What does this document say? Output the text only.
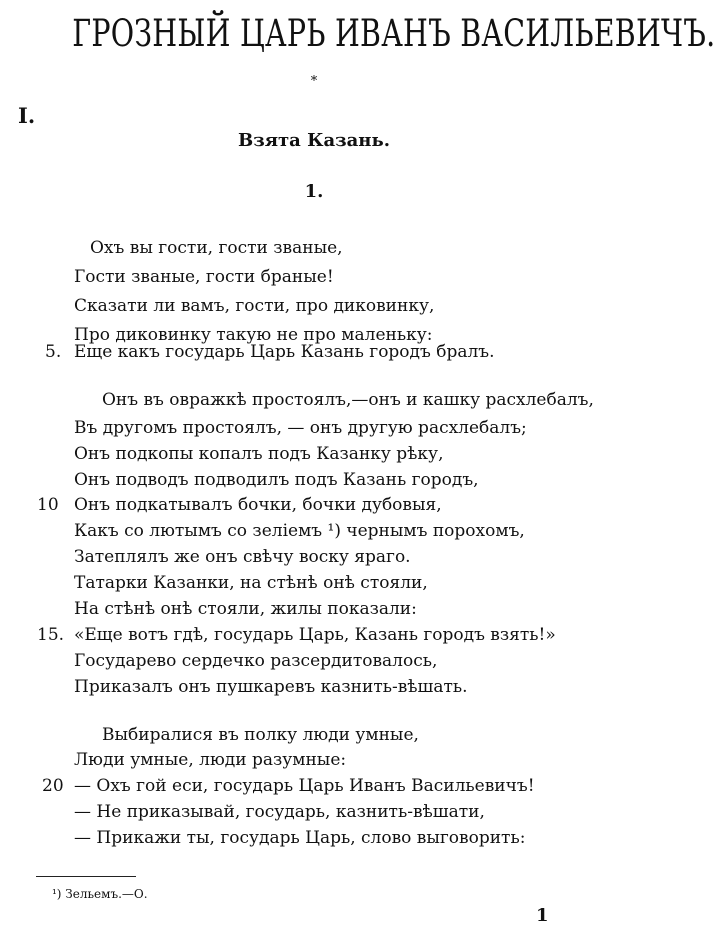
ГРОЗНЫЙ ЦАРЬ ИВАНЪ ВАСИЛЬЕВИЧЪ.
*
I.
Взята Казань.
1.
Охъ вы гости, гости званые,
Гости званые, гости браные!
Сказати ли вамъ, гости, про диковинку,
Про диковинку такую не про маленьку:
5. Еще какъ государь Царь Казань городъ бралъ.
Онъ въ овражкѣ простоялъ,—онъ и кашку расхлебалъ,
Въ другомъ простоялъ, — онъ другую расхлебалъ;
Онъ подкопы копалъ подъ Казанку рѣку,
Онъ подводъ подводилъ подъ Казань городъ,
10 Онъ подкатывалъ бочки, бочки дубовыя,
Какъ со лютымъ со зелiемъ ¹) чернымъ порохомъ,
Затеплялъ же онъ свѣчу воску яраго.
Татарки Казанки, на стѣнѣ онѣ стояли,
На стѣнѣ онѣ стояли, жилы показали:
15. «Еще вотъ гдѣ, государь Царь, Казань городъ взять!»
Государево сердечко разсердитовалось,
Приказалъ онъ пушкаревъ казнить-вѣшать.
Выбиралися въ полку люди умные,
Люди умные, люди разумные:
20 — Охъ гой еси, государь Царь Иванъ Васильевичъ!
— Не приказывай, государь, казнить-вѣшати,
— Прикажи ты, государь Царь, слово выговорить:
¹) Зельемъ.—О.
1
